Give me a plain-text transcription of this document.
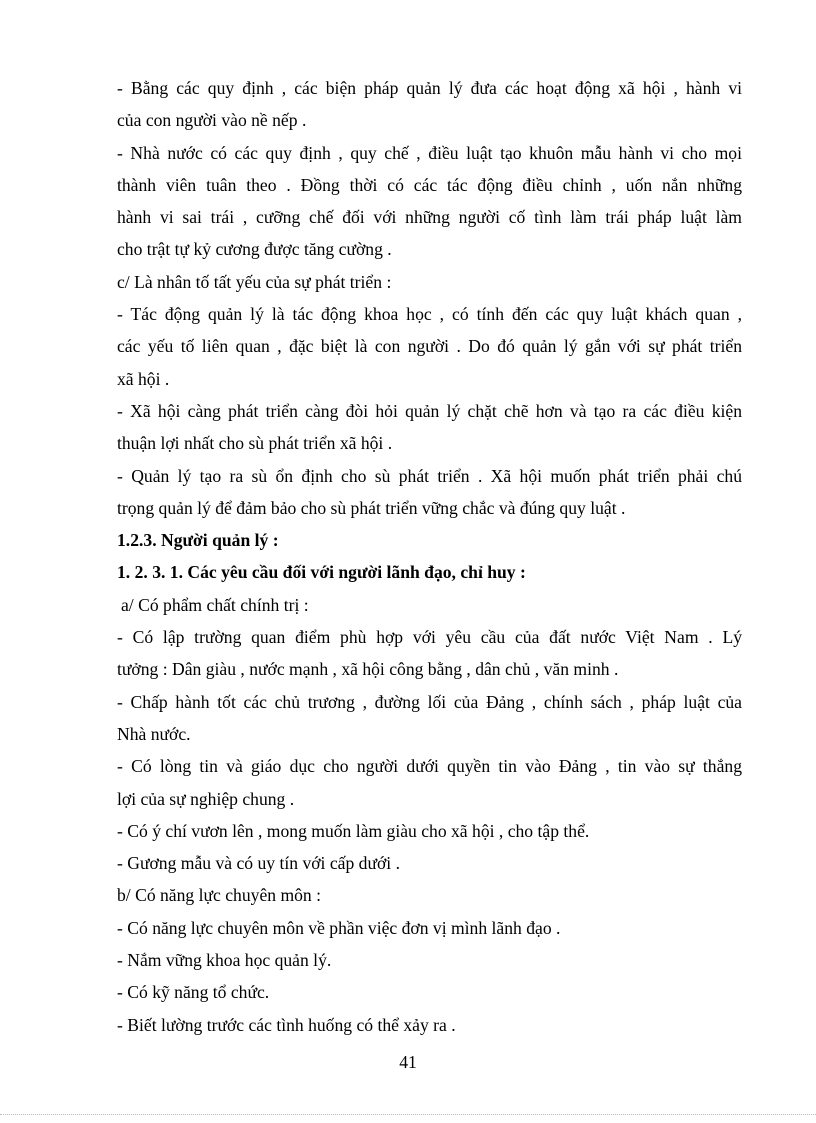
- Bằng các quy định , các biện pháp quản lý đưa các hoạt động xã hội , hành vi
của con người vào nề nếp .
- Nhà nước có các quy định , quy chế , điều luật tạo khuôn mẫu hành vi cho mọi
thành viên tuân theo . Đồng thời có các tác động điều chỉnh , uốn nắn những
hành vi sai trái , cưỡng chế đối với những người cố tình làm trái pháp luật làm
cho trật tự kỷ cương được tăng cường .
c/ Là nhân tố tất yếu của sự phát triển :
- Tác động quản lý là tác động khoa học , có tính đến các quy luật khách quan ,
các yếu tố liên quan , đặc biệt là con người . Do đó quản lý gắn với sự phát triển
xã hội .
- Xã hội càng phát triển càng đòi hỏi quản lý chặt chẽ hơn và tạo ra các điều kiện
thuận lợi nhất cho sù phát triển xã hội .
- Quản lý tạo ra sù ổn định cho sù phát triển . Xã hội muốn phát triển phải chú
trọng quản lý để đảm bảo cho sù phát triển vững chắc và đúng quy luật .
1.2.3. Người quản lý :
1. 2. 3. 1. Các yêu cầu đối với người lãnh đạo, chỉ huy :
a/ Có phẩm chất chính trị :
- Có lập trường quan điểm phù hợp với yêu cầu của đất nước Việt Nam . Lý
tưởng : Dân giàu , nước mạnh , xã hội công bằng , dân chủ , văn minh .
- Chấp hành tốt các chủ trương , đường lối của Đảng , chính sách , pháp luật của
Nhà nước.
- Có lòng tin và giáo dục cho người dưới quyền tin vào Đảng , tin vào sự thắng
lợi của sự nghiệp chung .
- Có ý chí vươn lên , mong muốn làm giàu cho xã hội , cho tập thể.
- Gương mẫu và có uy tín với cấp dưới .
b/ Có năng lực chuyên môn :
- Có năng lực chuyên môn về phần việc đơn vị mình lãnh đạo .
- Nắm vững khoa học quản lý.
- Có kỹ năng tổ chức.
- Biết lường trước các tình huống có thể xảy ra .
41
